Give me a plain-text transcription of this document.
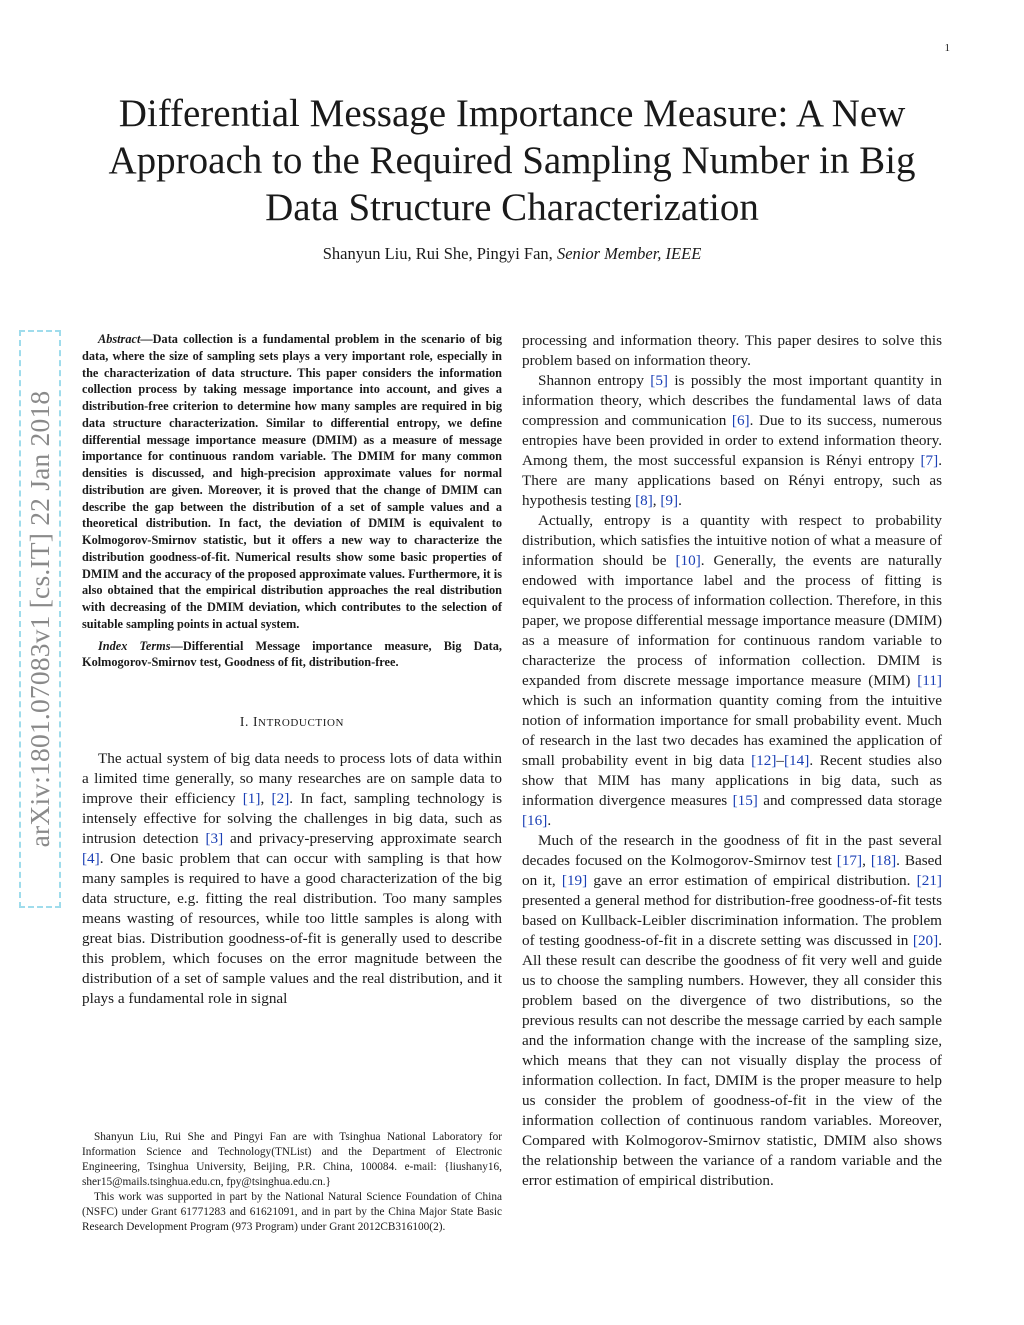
1
arXiv:1801.07083v1 [cs.IT] 22 Jan 2018
Differential Message Importance Measure: A New
Approach to the Required Sampling Number in Big
Data Structure Characterization
Shanyun Liu, Rui She, Pingyi Fan, Senior Member, IEEE

Abstract—Data collection is a fundamental problem in the scenario of big data, where the size of sampling sets plays a very important role, especially in the characterization of data structure. This paper considers the information collection process by taking message importance into account, and gives a distribution-free criterion to determine how many samples are required in big data structure characterization. Similar to differential entropy, we define differential message importance measure (DMIM) as a measure of message importance for continuous random variable. The DMIM for many common densities is discussed, and high-precision approximate values for normal distribution are given. Moreover, it is proved that the change of DMIM can describe the gap between the distribution of a set of sample values and a theoretical distribution. In fact, the deviation of DMIM is equivalent to Kolmogorov-Smirnov statistic, but it offers a new way to characterize the distribution goodness-of-fit. Numerical results show some basic properties of DMIM and the accuracy of the proposed approximate values. Furthermore, it is also obtained that the empirical distribution approaches the real distribution with decreasing of the DMIM deviation, which contributes to the selection of suitable sampling points in actual system.

Index Terms—Differential Message importance measure, Big Data, Kolmogorov-Smirnov test, Goodness of fit, distribution-free.

I. INTRODUCTION

The actual system of big data needs to process lots of data within a limited time generally, so many researches are on sample data to improve their efficiency [1], [2]. In fact, sampling technology is intensely effective for solving the challenges in big data, such as intrusion detection [3] and privacy-preserving approximate search [4]. One basic problem that can occur with sampling is that how many samples is required to have a good characterization of the big data structure, e.g. fitting the real distribution. Too many samples means wasting of resources, while too little samples is along with great bias. Distribution goodness-of-fit is generally used to describe this problem, which focuses on the error magnitude between the distribution of a set of sample values and the real distribution, and it plays a fundamental role in signal

Shanyun Liu, Rui She and Pingyi Fan are with Tsinghua National Laboratory for Information Science and Technology(TNList) and the Department of Electronic Engineering, Tsinghua University, Beijing, P.R. China, 100084. e-mail: {liushany16, sher15@mails.tsinghua.edu.cn, fpy@tsinghua.edu.cn.}

This work was supported in part by the National Natural Science Foundation of China (NSFC) under Grant 61771283 and 61621091, and in part by the China Major State Basic Research Development Program (973 Program) under Grant 2012CB316100(2).

processing and information theory. This paper desires to solve this problem based on information theory.

Shannon entropy [5] is possibly the most important quantity in information theory, which describes the fundamental laws of data compression and communication [6]. Due to its success, numerous entropies have been provided in order to extend information theory. Among them, the most successful expansion is Rényi entropy [7]. There are many applications based on Rényi entropy, such as hypothesis testing [8], [9].

Actually, entropy is a quantity with respect to probability distribution, which satisfies the intuitive notion of what a measure of information should be [10]. Generally, the events are naturally endowed with importance label and the process of fitting is equivalent to the process of information collection. Therefore, in this paper, we propose differential message importance measure (DMIM) as a measure of information for continuous random variable to characterize the process of information collection. DMIM is expanded from discrete message importance measure (MIM) [11] which is such an information quantity coming from the intuitive notion of information importance for small probability event. Much of research in the last two decades has examined the application of small probability event in big data [12]–[14]. Recent studies also show that MIM has many applications in big data, such as information divergence measures [15] and compressed data storage [16].

Much of the research in the goodness of fit in the past several decades focused on the Kolmogorov-Smirnov test [17], [18]. Based on it, [19] gave an error estimation of empirical distribution. [21] presented a general method for distribution-free goodness-of-fit tests based on Kullback-Leibler discrimination information. The problem of testing goodness-of-fit in a discrete setting was discussed in [20]. All these result can describe the goodness of fit very well and guide us to choose the sampling numbers. However, they all consider this problem based on the divergence of two distributions, so the previous results can not describe the message carried by each sample and the information change with the increase of the sampling size, which means that they can not visually display the process of information collection. In fact, DMIM is the proper measure to help us consider the problem of goodness-of-fit in the view of the information collection of continuous random variables. Moreover, Compared with Kolmogorov-Smirnov statistic, DMIM also shows the relationship between the variance of a random variable and the error estimation of empirical distribution.
